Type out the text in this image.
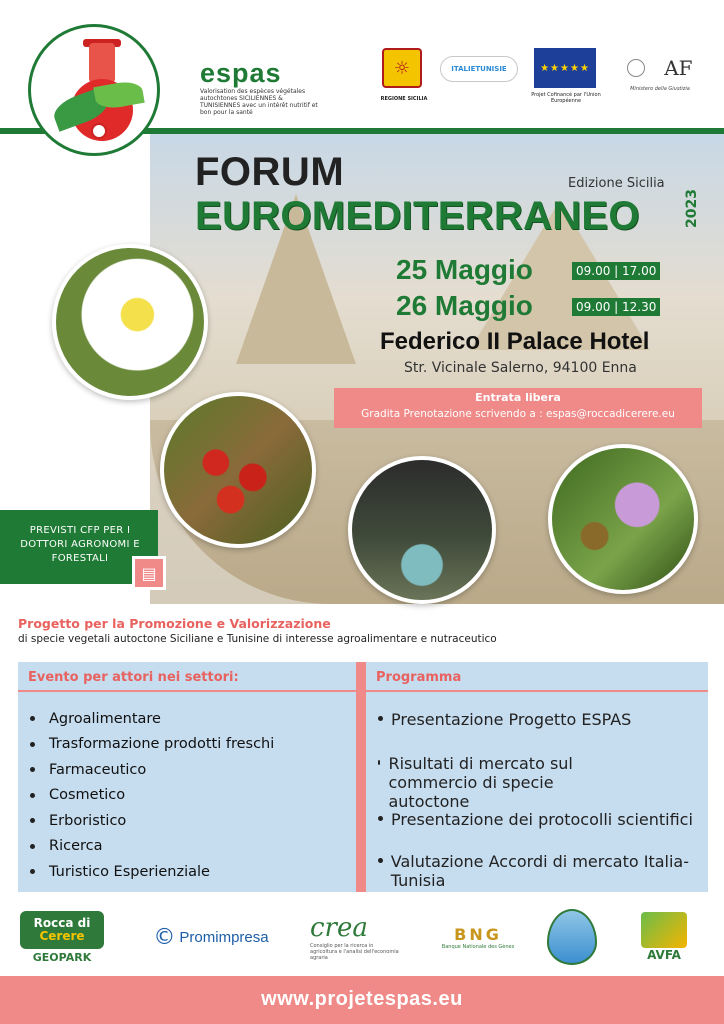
espas
Valorisation des espèces végétales autochtones SICILIENNES & TUNISIENNES avec un intérêt nutritif et bon pour la santé
☼
REGIONE SICILIA
ITALIETUNISIE	★★★★★
Projet Cofinancé par l'Union Européenne
AF
Ministero della Giustizia
FORUM	Edizione Sicilia
EUROMEDITERRANEO	2023
25 Maggio	09.00 | 17.00
26 Maggio	09.00 | 12.30
Federico II Palace Hotel
Str. Vicinale Salerno, 94100 Enna
Entrata libera
Gradita Prenotazione scrivendo a : espas@roccadicerere.eu
PREVISTI CFP PER I DOTTORI AGRONOMI E FORESTALI
▤
Progetto per la Promozione e Valorizzazione
di specie vegetali autoctone Siciliane e Tunisine di interesse agroalimentare e nutraceutico
Evento per attori nei settori:	Programma
Agroalimentare
Trasformazione prodotti freschi
Farmaceutico
Cosmetico
Erboristico
Ricerca
Turistico Esperienziale
Presentazione Progetto ESPAS
Risultati di mercato sul commercio di specie autoctone
Presentazione dei protocolli scientifici
Valutazione Accordi di mercato Italia-Tunisia
Rocca di
Cerere
GEOPARK
© Promimpresa crea
Consiglio per la ricerca in agricoltura e l'analisi dell'economia agraria
BNG
Banque Nationale des Gènes
AVFA
www.projetespas.eu
